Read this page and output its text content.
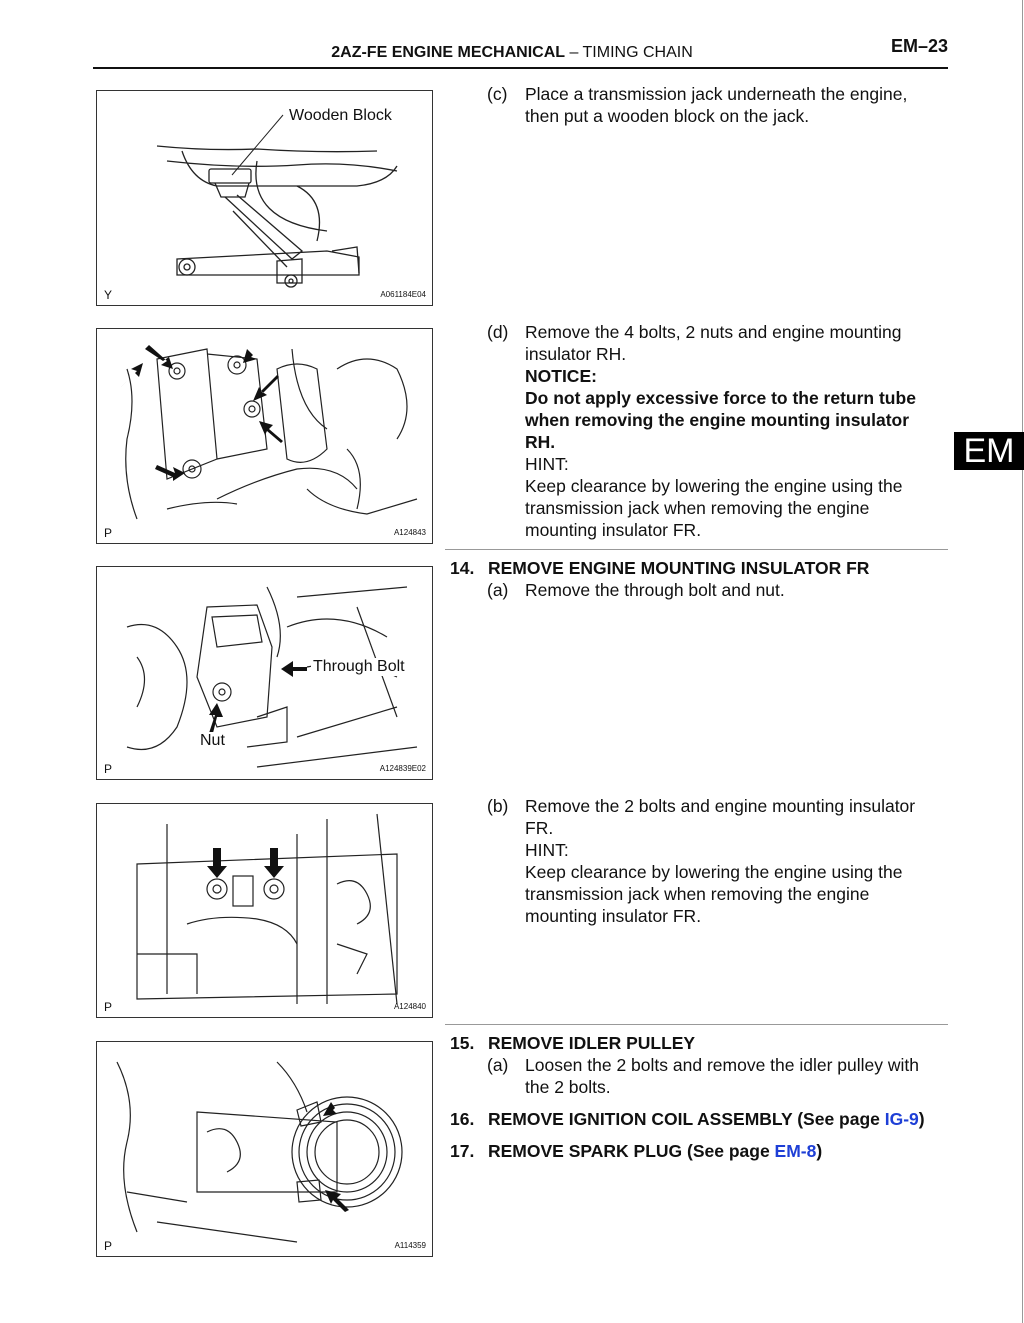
2AZ-FE ENGINE MECHANICAL – TIMING CHAIN	EM–23
EM
Wooden Block
Y	A061184E04
P	A124843
Through Bolt
Nut
P	A124839E02
P	A124840
P	A114359
(c)	Place a transmission jack underneath the engine,
then put a wooden block on the jack.
(d) Remove the 4 bolts, 2 nuts and engine mounting
insulator RH.
NOTICE:
Do not apply excessive force to the return tube
when removing the engine mounting insulator
RH.
HINT:
Keep clearance by lowering the engine using the
transmission jack when removing the engine
mounting insulator FR.
14. REMOVE ENGINE MOUNTING INSULATOR FR
(a) Remove the through bolt and nut.
(b) Remove the 2 bolts and engine mounting insulator
FR.
HINT:
Keep clearance by lowering the engine using the
transmission jack when removing the engine
mounting insulator FR.
15. REMOVE IDLER PULLEY
(a) Loosen the 2 bolts and remove the idler pulley with
the 2 bolts.
16. REMOVE IGNITION COIL ASSEMBLY (See page IG-9)
17. REMOVE SPARK PLUG (See page EM-8)
